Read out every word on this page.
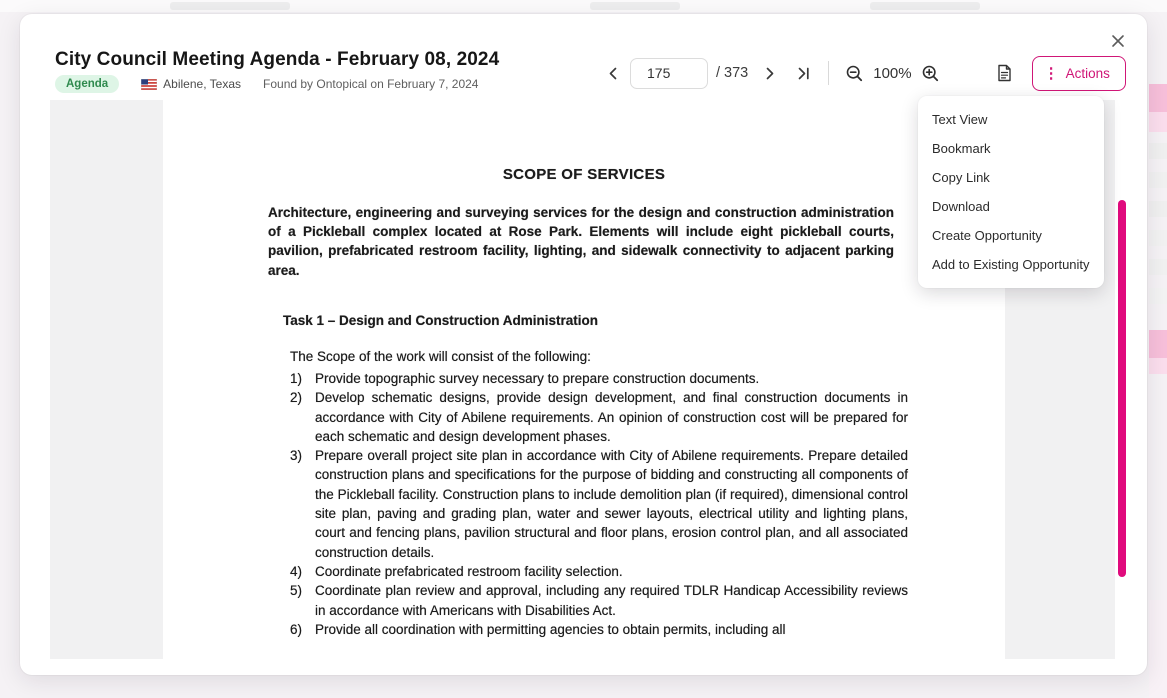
City Council Meeting Agenda - February 08, 2024
Agenda	Abilene, Texas Found by Ontopical on February 7, 2024
175
/ 373	100%	⋮ Actions
SCOPE OF SERVICES
Architecture, engineering and surveying services for the design and construction administration of a Pickleball complex located at Rose Park. Elements will include eight pickleball courts, pavilion, prefabricated restroom facility, lighting, and sidewalk connectivity to adjacent parking area.
Task 1 – Design and Construction Administration
The Scope of the work will consist of the following:
1) Provide topographic survey necessary to prepare construction documents.
2) Develop schematic designs, provide design development, and final construction documents in accordance with City of Abilene requirements. An opinion of construction cost will be prepared for each schematic and design development phases.
3) Prepare overall project site plan in accordance with City of Abilene requirements. Prepare detailed construction plans and specifications for the purpose of bidding and constructing all components of the Pickleball facility. Construction plans to include demolition plan (if required), dimensional control site plan, paving and grading plan, water and sewer layouts, electrical utility and lighting plans, court and fencing plans, pavilion structural and floor plans, erosion control plan, and all associated construction details.
4) Coordinate prefabricated restroom facility selection.
5) Coordinate plan review and approval, including any required TDLR Handicap Accessibility reviews in accordance with Americans with Disabilities Act.
6) Provide all coordination with permitting agencies to obtain permits, including all
Text View
Bookmark
Copy Link
Download
Create Opportunity
Add to Existing Opportunity
